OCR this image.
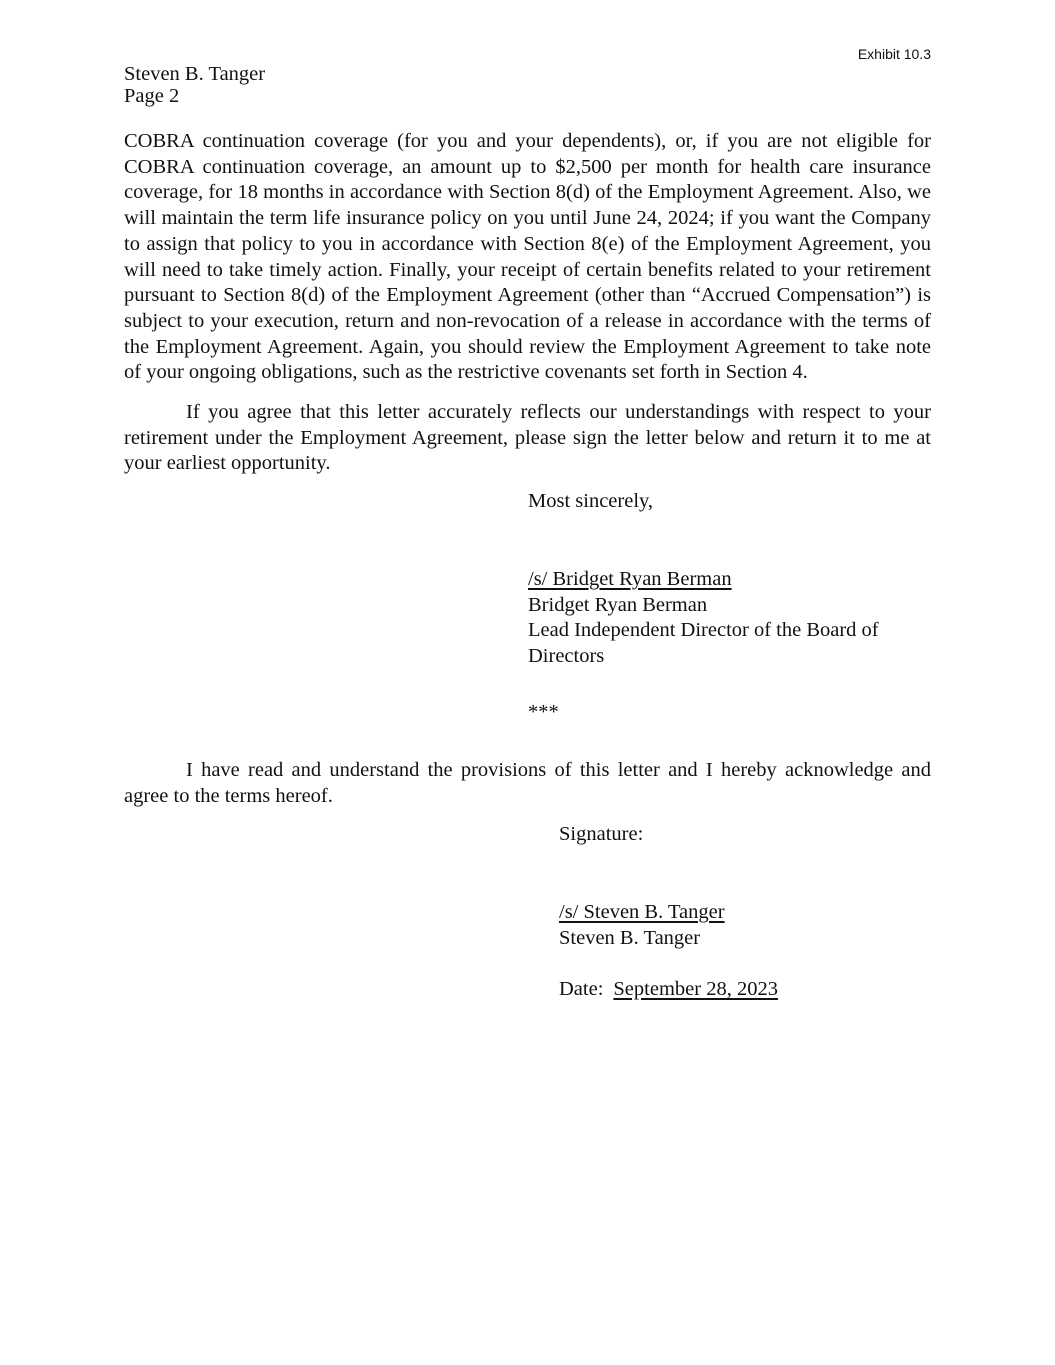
Exhibit 10.3
Steven B. Tanger
Page 2

COBRA continuation coverage (for you and your dependents), or, if you are not eligible for COBRA continuation coverage, an amount up to $2,500 per month for health care insurance coverage, for 18 months in accordance with Section 8(d) of the Employment Agreement. Also, we will maintain the term life insurance policy on you until June 24, 2024; if you want the Company to assign that policy to you in accordance with Section 8(e) of the Employment Agreement, you will need to take timely action. Finally, your receipt of certain benefits related to your retirement pursuant to Section 8(d) of the Employment Agreement (other than “Accrued Compensation”) is subject to your execution, return and non-revocation of a release in accordance with the terms of the Employment Agreement. Again, you should review the Employment Agreement to take note of your ongoing obligations, such as the restrictive covenants set forth in Section 4.

If you agree that this letter accurately reflects our understandings with respect to your retirement under the Employment Agreement, please sign the letter below and return it to me at your earliest opportunity.

Most sincerely,
/s/ Bridget Ryan Berman
Bridget Ryan Berman
Lead Independent Director of the Board of
Directors
***

I have read and understand the provisions of this letter and I hereby acknowledge and agree to the terms hereof.

Signature:
/s/ Steven B. Tanger
Steven B. Tanger
Date: September 28, 2023
